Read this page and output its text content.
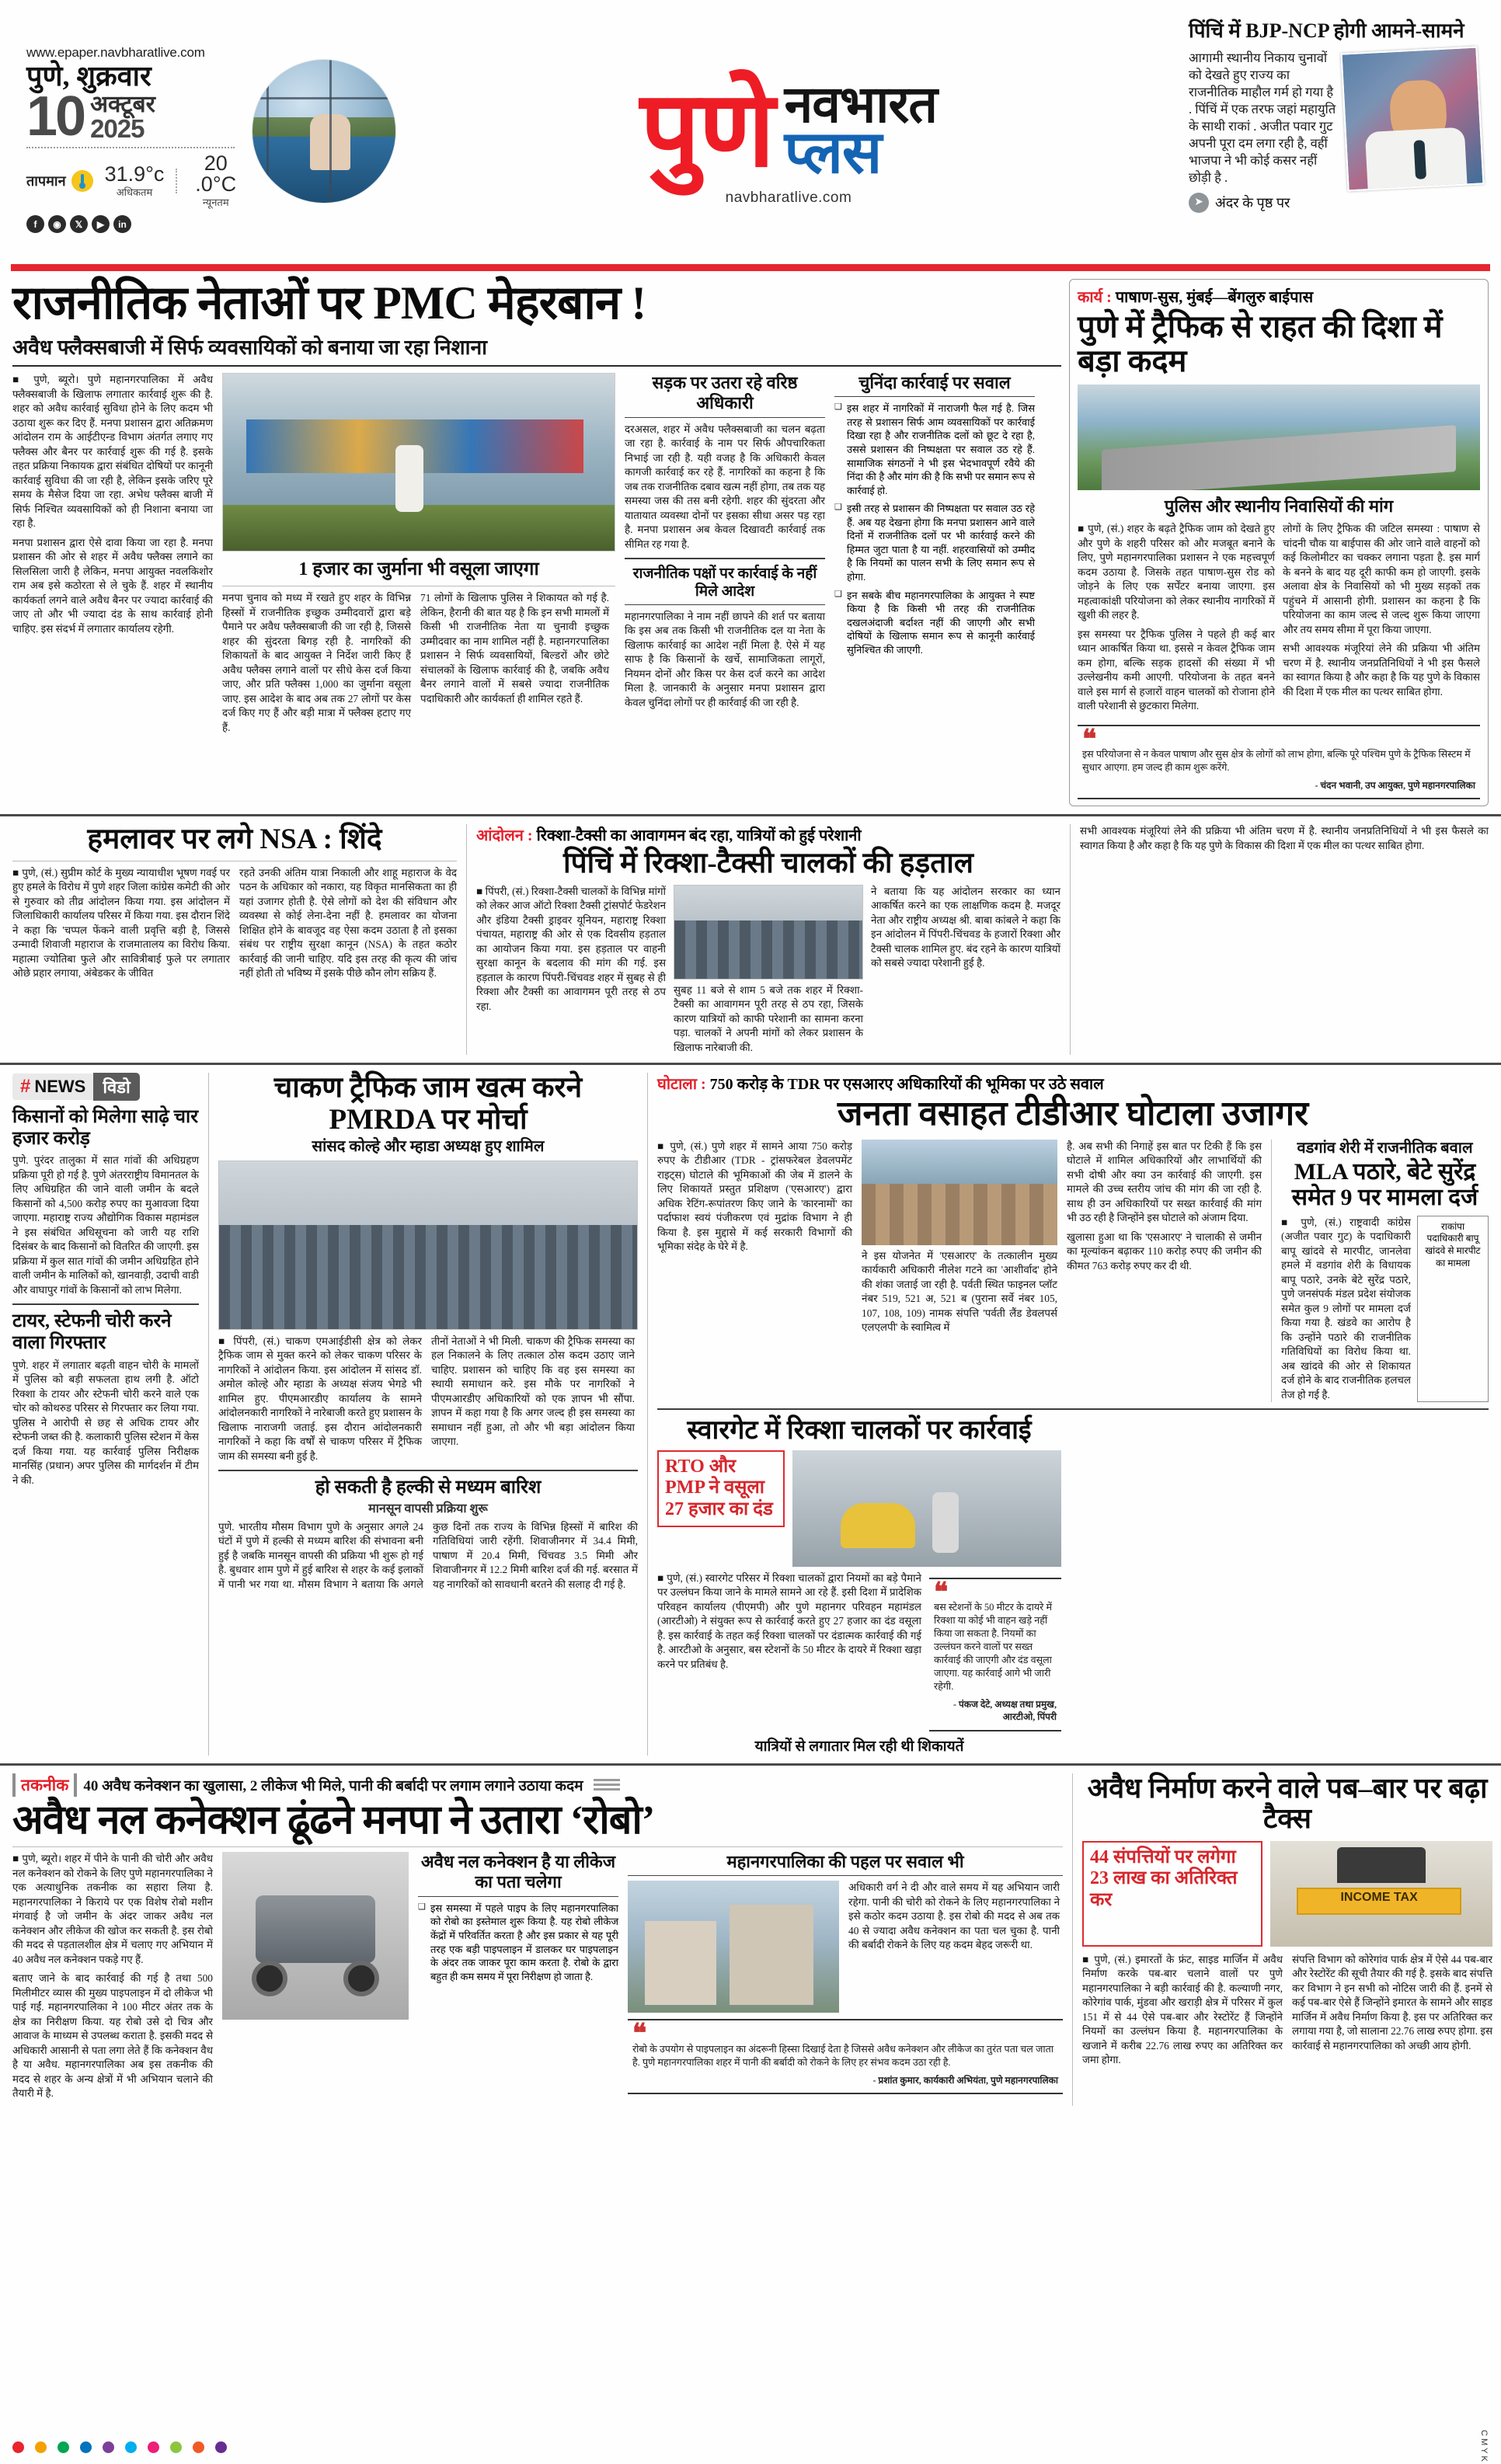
www.epaper.navbharatlive.com
पुणे, शुक्रवार
10 अक्टूबर
2025
तापमान 31.9°c
अधिकतम
20 .0°C
न्यूनतम
f	◉	𝕏	▶	in
पुणे नवभारत
प्लस
navbharatlive.com
पिंचिं में BJP-NCP होगी आमने-सामने
आगामी स्थानीय निकाय चुनावों को देखते हुए राज्य का राजनीतिक माहौल गर्म हो गया है . पिंचिं में एक तरफ जहां महायुति के साथी राकां . अजीत पवार गुट अपनी पूरा दम लगा रही है, वहीं भाजपा ने भी कोई कसर नहीं छोड़ी है .
➤ अंदर के पृष्ठ पर
राजनीतिक नेताओं पर PMC मेहरबान !
अवैध फ्लैक्सबाजी में सिर्फ व्यवसायिकों को बनाया जा रहा निशाना

■ पुणे, ब्यूरो। पुणे महानगरपालिका में अवैध फ्लैक्सबाजी के खिलाफ लगातार कार्रवाई शुरू की है. शहर को अवैध कार्रवाई सुविधा होने के लिए कदम भी उठाया शुरू कर दिए हैं. मनपा प्रशासन द्वारा अतिक्रमण आंदोलन राम के आईटीएन्ड विभाग अंतर्गत लगाए गए फ्लैक्स और बैनर पर कार्रवाई शुरू की गई है. इसके तहत प्रक्रिया निकायक द्वारा संबंधित दोषियों पर कानूनी कार्रवाई सुविधा की जा रही है, लेकिन इसके जरिए पूरे समय के मैसेज दिया जा रहा. अभेध फ्लैक्स बाजी में सिर्फ निश्चित व्यवसायिकों को ही निशाना बनाया जा रहा है.

मनपा प्रशासन द्वारा ऐसे दावा किया जा रहा है. मनपा प्रशासन की ओर से शहर में अवैध फ्लैक्स लगाने का सिलसिला जारी है लेकिन, मनपा आयुक्त नवलकिशोर राम अब इसे कठोरता से ले चुके हैं. शहर में स्थानीय कार्यकर्ता लगने वाले अवैध बैनर पर ज्यादा कार्रवाई की जाए तो और भी ज्यादा दंड के साथ कार्रवाई होनी चाहिए. इस संदर्भ में लगातार कार्यालय रहेगी.

1 हजार का जुर्माना भी वसूला जाएगा
मनपा चुनाव को मध्य में रखते हुए शहर के विभिन्न हिस्सों में राजनीतिक इच्छुक उम्मीदवारों द्वारा बड़े पैमाने पर अवैध फ्लैक्सबाजी की जा रही है, जिससे शहर की सुंदरता बिगड़ रही है. नागरिकों की शिकायतों के बाद आयुक्त ने निर्देश जारी किए हैं अवैध फ्लैक्स लगाने वालों पर सीधे केस दर्ज किया जाए, और प्रति फ्लैक्स 1,000 का जुर्माना वसूला जाए. इस आदेश के बाद अब तक 27 लोगों पर केस दर्ज किए गए हैं और बड़ी मात्रा में फ्लैक्स हटाए गए हैं.
71 लोगों के खिलाफ पुलिस ने शिकायत को गई है. लेकिन, हैरानी की बात यह है कि इन सभी मामलों में किसी भी राजनीतिक नेता या चुनावी इच्छुक उम्मीदवार का नाम शामिल नहीं है. महानगरपालिका प्रशासन ने सिर्फ व्यवसायियों, बिल्डरों और छोटे संचालकों के खिलाफ कार्रवाई की है, जबकि अवैध बैनर लगाने वालों में सबसे ज्यादा राजनीतिक पदाधिकारी और कार्यकर्ता ही शामिल रहते हैं.
सड़क पर उतरा रहे वरिष्ठ अधिकारी
दरअसल, शहर में अवैध फ्लैक्सबाजी का चलन बढ़ता जा रहा है. कार्रवाई के नाम पर सिर्फ औपचारिकता निभाई जा रही है. यही वजह है कि अधिकारी केवल कागजी कार्रवाई कर रहे हैं. नागरिकों का कहना है कि जब तक राजनीतिक दबाव खत्म नहीं होगा, तब तक यह समस्या जस की तस बनी रहेगी. शहर की सुंदरता और यातायात व्यवस्था दोनों पर इसका सीधा असर पड़ रहा है. मनपा प्रशासन अब केवल दिखावटी कार्रवाई तक सीमित रह गया है.
राजनीतिक पक्षों पर कार्रवाई के नहीं मिले आदेश
महानगरपालिका ने नाम नहीं छापने की शर्त पर बताया कि इस अब तक किसी भी राजनीतिक दल या नेता के खिलाफ कार्रवाई का आदेश नहीं मिला है. ऐसे में यह साफ है कि किसानों के खर्चे, सामाजिकता लागूरों, नियमन दोनों और किस पर केस दर्ज करने का आदेश मिला है. जानकारी के अनुसार मनपा प्रशासन द्वारा केवल चुनिंदा लोगों पर ही कार्रवाई की जा रही है.
चुनिंदा कार्रवाई पर सवाल
❑ इस शहर में नागरिकों में नाराजगी फैल गई है. जिस तरह से प्रशासन सिर्फ आम व्यवसायिकों पर कार्रवाई दिखा रहा है और राजनीतिक दलों को छूट दे रहा है, उससे प्रशासन की निष्पक्षता पर सवाल उठ रहे हैं. सामाजिक संगठनों ने भी इस भेदभावपूर्ण रवैये की निंदा की है और मांग की है कि सभी पर समान रूप से कार्रवाई हो.
❑ इसी तरह से प्रशासन की निष्पक्षता पर सवाल उठ रहे हैं. अब यह देखना होगा कि मनपा प्रशासन आने वाले दिनों में राजनीतिक दलों पर भी कार्रवाई करने की हिम्मत जुटा पाता है या नहीं. शहरवासियों को उम्मीद है कि नियमों का पालन सभी के लिए समान रूप से होगा.
❑ इन सबके बीच महानगरपालिका के आयुक्त ने स्पष्ट किया है कि किसी भी तरह की राजनीतिक दखलअंदाजी बर्दाश्त नहीं की जाएगी और सभी दोषियों के खिलाफ समान रूप से कानूनी कार्रवाई सुनिश्चित की जाएगी.
कार्य : पाषाण-सुस, मुंबई—बेंगलुरु बाईपास
पुणे में ट्रैफिक से राहत की दिशा में बड़ा कदम
पुलिस और स्थानीय निवासियों की मांग

■ पुणे, (सं.) शहर के बढ़ते ट्रैफिक जाम को देखते हुए और पुणे के शहरी परिसर को और मजबूत बनाने के लिए, पुणे महानगरपालिका प्रशासन ने एक महत्त्वपूर्ण कदम उठाया है. जिसके तहत पाषाण-सुस रोड को जोड़ने के लिए एक सर्पेंटर बनाया जाएगा. इस महत्वाकांक्षी परियोजना को लेकर स्थानीय नागरिकों में खुशी की लहर है.

इस समस्या पर ट्रैफिक पुलिस ने पहले ही कई बार ध्यान आकर्षित किया था. इससे न केवल ट्रैफिक जाम कम होगा, बल्कि सड़क हादसों की संख्या में भी उल्लेखनीय कमी आएगी. परियोजना के तहत बनने वाले इस मार्ग से हजारों वाहन चालकों को रोजाना होने वाली परेशानी से छुटकारा मिलेगा.

लोगों के लिए ट्रैफिक की जटिल समस्या : पाषाण से चांदनी चौक या बाईपास की ओर जाने वाले वाहनों को कई किलोमीटर का चक्कर लगाना पड़ता है. इस मार्ग के बनने के बाद यह दूरी काफी कम हो जाएगी. इसके अलावा क्षेत्र के निवासियों को भी मुख्य सड़कों तक पहुंचने में आसानी होगी. प्रशासन का कहना है कि परियोजना का काम जल्द से जल्द शुरू किया जाएगा और तय समय सीमा में पूरा किया जाएगा.

सभी आवश्यक मंजूरियां लेने की प्रक्रिया भी अंतिम चरण में है. स्थानीय जनप्रतिनिधियों ने भी इस फैसले का स्वागत किया है और कहा है कि यह पुणे के विकास की दिशा में एक मील का पत्थर साबित होगा.

❝
इस परियोजना से न केवल पाषाण और सुस क्षेत्र के लोगों को लाभ होगा, बल्कि पूरे पश्चिम पुणे के ट्रैफिक सिस्टम में सुधार आएगा. हम जल्द ही काम शुरू करेंगे.
- चंदन भवानी, उप आयुक्त, पुणे महानगरपालिका
हमलावर पर लगे NSA : शिंदे
■ पुणे, (सं.) सुप्रीम कोर्ट के मुख्य न्यायाधीश भूषण गवई पर हुए हमले के विरोध में पुणे शहर जिला कांग्रेस कमेटी की ओर से गुरुवार को तीव्र आंदोलन किया गया. इस आंदोलन में जिलाधिकारी कार्यालय परिसर में किया गया. इस दौरान शिंदे ने कहा कि 'चप्पल फेंकने वाली प्रवृत्ति बड़ी है, जिससे उन्मादी शिवाजी महाराज के राजमातालय का विरोध किया. महात्मा ज्योतिबा फुले और सावित्रीबाई फुले पर लगातार ओछे प्रहार लगाया, अंबेडकर के जीवित
रहते उनकी अंतिम यात्रा निकाली और शाहू महाराज के वेद पठन के अधिकार को नकारा, यह विकृत मानसिकता का ही यहां उजागर होती है. ऐसे लोगों को देश की संविधान और व्यवस्था से कोई लेना-देना नहीं है. हमलावर का योजना शिक्षित होने के बावजूद वह ऐसा कदम उठाता है तो इसका संबंध पर राष्ट्रीय सुरक्षा कानून (NSA) के तहत कठोर कार्रवाई की जानी चाहिए. यदि इस तरह की कृत्य की जांच नहीं होती तो भविष्य में इसके पीछे कौन लोग सक्रिय हैं.
आंदोलन : रिक्शा-टैक्सी का आवागमन बंद रहा, यात्रियों को हुई परेशानी
पिंचिं में रिक्शा-टैक्सी चालकों की हड़ताल
■ पिंपरी, (सं.) रिक्शा-टैक्सी चालकों के विभिन्न मांगों को लेकर आज ऑटो रिक्शा टैक्सी ट्रांसपोर्ट फेडरेशन और इंडिया टैक्सी ड्राइवर यूनियन, महाराष्ट्र रिक्शा पंचायत, महाराष्ट्र की ओर से एक दिवसीय हड़ताल का आयोजन किया गया. इस हड़ताल पर वाहनी सुरक्षा कानून के बदलाव की मांग की गई. इस हड़ताल के कारण पिंपरी-चिंचवड शहर में सुबह से ही रिक्शा और टैक्सी का आवागमन पूरी तरह से ठप रहा.
सुबह 11 बजे से शाम 5 बजे तक शहर में रिक्शा-टैक्सी का आवागमन पूरी तरह से ठप रहा, जिसके कारण यात्रियों को काफी परेशानी का सामना करना पड़ा. चालकों ने अपनी मांगों को लेकर प्रशासन के खिलाफ नारेबाजी की.
ने बताया कि यह आंदोलन सरकार का ध्यान आकर्षित करने का एक लाक्षणिक कदम है. मजदूर नेता और राष्ट्रीय अध्यक्ष श्री. बाबा कांबले ने कहा कि इन आंदोलन में पिंपरी-चिंचवड के हजारों रिक्शा और टैक्सी चालक शामिल हुए. बंद रहने के कारण यात्रियों को सबसे ज्यादा परेशानी हुई है.
सभी आवश्यक मंजूरियां लेने की प्रक्रिया भी अंतिम चरण में है. स्थानीय जनप्रतिनिधियों ने भी इस फैसले का स्वागत किया है और कहा है कि यह पुणे के विकास की दिशा में एक मील का पत्थर साबित होगा.
# NEWS	विडो
किसानों को मिलेगा साढ़े चार हजार करोड़
पुणे. पुरंदर तालुका में सात गांवों की अधिग्रहण प्रक्रिया पूरी हो गई है. पुणे अंतरराष्ट्रीय विमानतल के लिए अधिग्रहित की जाने वाली जमीन के बदले किसानों को 4,500 करोड़ रुपए का मुआवजा दिया जाएगा. महाराष्ट्र राज्य औद्योगिक विकास महामंडल ने इस संबंधित अधिसूचना को जारी यह राशि दिसंबर के बाद किसानों को वितरित की जाएगी. इस प्रक्रिया में कुल सात गांवों की जमीन अधिग्रहित होने वाली जमीन के मालिकों को, खानवाड़ी, उदाची वाडी और वाघापुर गांवों के किसानों को लाभ मिलेगा.
टायर, स्टेफनी चोरी करने वाला गिरफ्तार
पुणे. शहर में लगातार बढ़ती वाहन चोरी के मामलों में पुलिस को बड़ी सफलता हाथ लगी है. ऑटो रिक्शा के टायर और स्टेफनी चोरी करने वाले एक चोर को कोथरुड परिसर से गिरफ्तार कर लिया गया. पुलिस ने आरोपी से छह से अधिक टायर और स्टेफनी जब्त की है. कलाकारी पुलिस स्टेशन में केस दर्ज किया गया. यह कार्रवाई पुलिस निरीक्षक मानसिंह (प्रधान) अपर पुलिस की मार्गदर्शन में टीम ने की.
चाकण ट्रैफिक जाम खत्म करने PMRDA पर मोर्चा
सांसद कोल्हे और म्हाडा अध्यक्ष हुए शामिल
■ पिंपरी, (सं.) चाकण एमआईडीसी क्षेत्र को लेकर ट्रैफिक जाम से मुक्त करने को लेकर चाकण परिसर के नागरिकों ने आंदोलन किया. इस आंदोलन में सांसद डॉ. अमोल कोल्हे और म्हाडा के अध्यक्ष संजय भेगडे भी शामिल हुए. पीएमआरडीए कार्यालय के सामने आंदोलनकारी नागरिकों ने नारेबाजी करते हुए प्रशासन के खिलाफ नाराजगी जताई. इस दौरान आंदोलनकारी नागरिकों ने कहा कि वर्षों से चाकण परिसर में ट्रैफिक जाम की समस्या बनी हुई है.
तीनों नेताओं ने भी मिली. चाकण की ट्रैफिक समस्या का हल निकालने के लिए तत्काल ठोस कदम उठाए जाने चाहिए. प्रशासन को चाहिए कि वह इस समस्या का स्थायी समाधान करे. इस मौके पर नागरिकों ने पीएमआरडीए अधिकारियों को एक ज्ञापन भी सौंपा. ज्ञापन में कहा गया है कि अगर जल्द ही इस समस्या का समाधान नहीं हुआ, तो और भी बड़ा आंदोलन किया जाएगा.
हो सकती है हल्की से मध्यम बारिश
मानसून वापसी प्रक्रिया शुरू
पुणे. भारतीय मौसम विभाग पुणे के अनुसार अगले 24 घंटों में पुणे में हल्की से मध्यम बारिश की संभावना बनी हुई है जबकि मानसून वापसी की प्रक्रिया भी शुरू हो गई है. बुधवार शाम पुणे में हुई बारिश से शहर के कई इलाकों में पानी भर गया था. मौसम विभाग ने बताया कि अगले कुछ दिनों तक राज्य के विभिन्न हिस्सों में बारिश की गतिविधियां जारी रहेंगी. शिवाजीनगर में 34.4 मिमी, पाषाण में 20.4 मिमी, चिंचवड 3.5 मिमी और शिवाजीनगर में 12.2 मिमी बारिश दर्ज की गई. बरसात में यह नागरिकों को सावधानी बरतने की सलाह दी गई है.
घोटाला : 750 करोड़ के TDR पर एसआरए अधिकारियों की भूमिका पर उठे सवाल
जनता वसाहत टीडीआर घोटाला उजागर
■ पुणे, (सं.) पुणे शहर में सामने आया 750 करोड़ रुपए के टीडीआर (TDR - ट्रांसफरेबल डेवलपमेंट राइट्स) घोटाले की भूमिकाओं की जेब में डालने के लिए शिकायतें प्रस्तुत प्रशिक्षण ('एसआरए') द्वारा अधिक रेटिंग-रूपांतरण किए जाने के 'कारनामों' का पर्दाफाश स्वयं पंजीकरण एवं मुद्रांक विभाग ने ही किया है. इस मुद्दासे में कई सरकारी विभागों की भूमिका संदेह के घेरे में है.
ने इस योजनेत में 'एसआरए' के तत्कालीन मुख्य कार्यकारी अधिकारी नीलेश गटने का 'आशीर्वाद' होने की शंका जताई जा रही है. पर्वती स्थित फाइनल प्लॉट नंबर 519, 521 अ, 521 ब (पुराना सर्वे नंबर 105, 107, 108, 109) नामक संपत्ति 'पर्वती लैंड डेवलपर्स एलएलपी' के स्वामित्व में

है. अब सभी की निगाहें इस बात पर टिकी हैं कि इस घोटाले में शामिल अधिकारियों और लाभार्थियों की सभी दोषी और क्या उन कार्रवाई की जाएगी. इस मामले की उच्च स्तरीय जांच की मांग की जा रही है. साथ ही उन अधिकारियों पर सख्त कार्रवाई की मांग भी उठ रही है जिन्होंने इस घोटाले को अंजाम दिया.

खुलासा हुआ था कि 'एसआरए' ने चालाकी से जमीन का मूल्यांकन बढ़ाकर 110 करोड़ रुपए की जमीन की कीमत 763 करोड़ रुपए कर दी थी.

वडगांव शेरी में राजनीतिक बवाल
MLA पठारे, बेटे सुरेंद्र समेत 9 पर मामला दर्ज
■ पुणे, (सं.) राष्ट्रवादी कांग्रेस (अजीत पवार गुट) के पदाधिकारी बापू खांदवे से मारपीट, जानलेवा हमले में वडगांव शेरी के विधायक बापू पठारे, उनके बेटे सुरेंद्र पठारे, पुणे जनसंपर्क मंडल प्रदेश संयोजक समेत कुल 9 लोगों पर मामला दर्ज किया गया है. खंडवे का आरोप है कि उन्होंने पठारे की राजनीतिक गतिविधियों का विरोध किया था. अब खांदवे की ओर से शिकायत दर्ज होने के बाद राजनीतिक हलचल तेज हो गई है.
राकांपा पदाधिकारी बापू खांदवे से मारपीट का मामला
स्वारगेट में रिक्शा चालकों पर कार्रवाई
RTO और PMP ने वसूला 27 हजार का दंड
■ पुणे, (सं.) स्वारगेट परिसर में रिक्शा चालकों द्वारा नियमों का बड़े पैमाने पर उल्लंघन किया जाने के मामले सामने आ रहे हैं. इसी दिशा में प्रादेशिक परिवहन कार्यालय (पीएमपी) और पुणे महानगर परिवहन महामंडल (आरटीओ) ने संयुक्त रूप से कार्रवाई करते हुए 27 हजार का दंड वसूला है. इस कार्रवाई के तहत कई रिक्शा चालकों पर दंडात्मक कार्रवाई की गई है. आरटीओ के अनुसार, बस स्टेशनों के 50 मीटर के दायरे में रिक्शा खड़ा करने पर प्रतिबंध है.
❝
बस स्टेशनों के 50 मीटर के दायरे में रिक्शा या कोई भी वाहन खड़े नहीं किया जा सकता है. नियमों का उल्लंघन करने वालों पर सख्त कार्रवाई की जाएगी और दंड वसूला जाएगा. यह कार्रवाई आगे भी जारी रहेगी.
- पंकज देटे, अध्यक्ष तथा प्रमुख, आरटीओ, पिंपरी
यात्रियों से लगातार मिल रही थी शिकायतें
तकनीक	40 अवैध कनेक्शन का खुलासा, 2 लीकेज भी मिले, पानी की बर्बादी पर लगाम लगाने उठाया कदम
अवैध नल कनेक्शन ढूंढने मनपा ने उतारा ‘रोबो’

■ पुणे, ब्यूरो। शहर में पीने के पानी की चोरी और अवैध नल कनेक्शन को रोकने के लिए पुणे महानगरपालिका ने एक अत्याधुनिक तकनीक का सहारा लिया है. महानगरपालिका ने किराये पर एक विशेष रोबो मशीन मंगवाई है जो जमीन के अंदर जाकर अवैध नल कनेक्शन और लीकेज की खोज कर सकती है. इस रोबो की मदद से पड़तालशील क्षेत्र में चलाए गए अभियान में 40 अवैध नल कनेक्शन पकड़े गए हैं.

बताए जाने के बाद कार्रवाई की गई है तथा 500 मिलीमीटर व्यास की मुख्य पाइपलाइन में दो लीकेज भी पाई गईं. महानगरपालिका ने 100 मीटर अंतर तक के क्षेत्र का निरीक्षण किया. यह रोबो उसे दो चित्र और आवाज के माध्यम से उपलब्ध कराता है. इसकी मदद से अधिकारी आसानी से पता लगा लेते हैं कि कनेक्शन वैध है या अवैध. महानगरपालिका अब इस तकनीक की मदद से शहर के अन्य क्षेत्रों में भी अभियान चलाने की तैयारी में है.

अवैध नल कनेक्शन है या लीकेज का पता चलेगा
❑ इस समस्या में पहले पाइप के लिए महानगरपालिका को रोबो का इस्तेमाल शुरू किया है. यह रोबो लीकेज केंद्रों में परिवर्तित करता है और इस प्रकार से यह पूरी तरह एक बड़ी पाइपलाइन में डालकर घर पाइपलाइन के अंदर तक जाकर पूरा काम करता है. रोबो के द्वारा बहुत ही कम समय में पूरा निरीक्षण हो जाता है.
महानगरपालिका की पहल पर सवाल भी
अधिकारी वर्ग ने दी और वाले समय में यह अभियान जारी रहेगा. पानी की चोरी को रोकने के लिए महानगरपालिका ने इसे कठोर कदम उठाया है. इस रोबो की मदद से अब तक 40 से ज्यादा अवैध कनेक्शन का पता चल चुका है. पानी की बर्बादी रोकने के लिए यह कदम बेहद जरूरी था.
❝
रोबो के उपयोग से पाइपलाइन का अंदरूनी हिस्सा दिखाई देता है जिससे अवैध कनेक्शन और लीकेज का तुरंत पता चल जाता है. पुणे महानगरपालिका शहर में पानी की बर्बादी को रोकने के लिए हर संभव कदम उठा रही है.
- प्रशांत कुमार, कार्यकारी अभियंता, पुणे महानगरपालिका
अवैध निर्माण करने वाले पब–बार पर बढ़ा टैक्स
44 संपत्तियों पर लगेगा 23 लाख का अतिरिक्त कर	INCOME TAX
■ पुणे, (सं.) इमारतों के फ्रंट, साइड मार्जिन में अवैध निर्माण करके पब-बार चलाने वालों पर पुणे महानगरपालिका ने बड़ी कार्रवाई की है. कल्याणी नगर, कोरेगांव पार्क, मुंडवा और खराड़ी क्षेत्र में परिसर में कुल 151 में से 44 ऐसे पब-बार और रेस्टोरेंट हैं जिन्होंने नियमों का उल्लंघन किया है. महानगरपालिका के खजाने में करीब 22.76 लाख रुपए का अतिरिक्त कर जमा होगा.
संपत्ति विभाग को कोरेगांव पार्क क्षेत्र में ऐसे 44 पब-बार और रेस्टोरेंट की सूची तैयार की गई है. इसके बाद संपत्ति कर विभाग ने इन सभी को नोटिस जारी की हैं. इनमें से कई पब-बार ऐसे हैं जिन्होंने इमारत के सामने और साइड मार्जिन में अवैध निर्माण किया है. इस पर अतिरिक्त कर लगाया गया है, जो सालाना 22.76 लाख रुपए होगा. इस कार्रवाई से महानगरपालिका को अच्छी आय होगी.
CMYK
